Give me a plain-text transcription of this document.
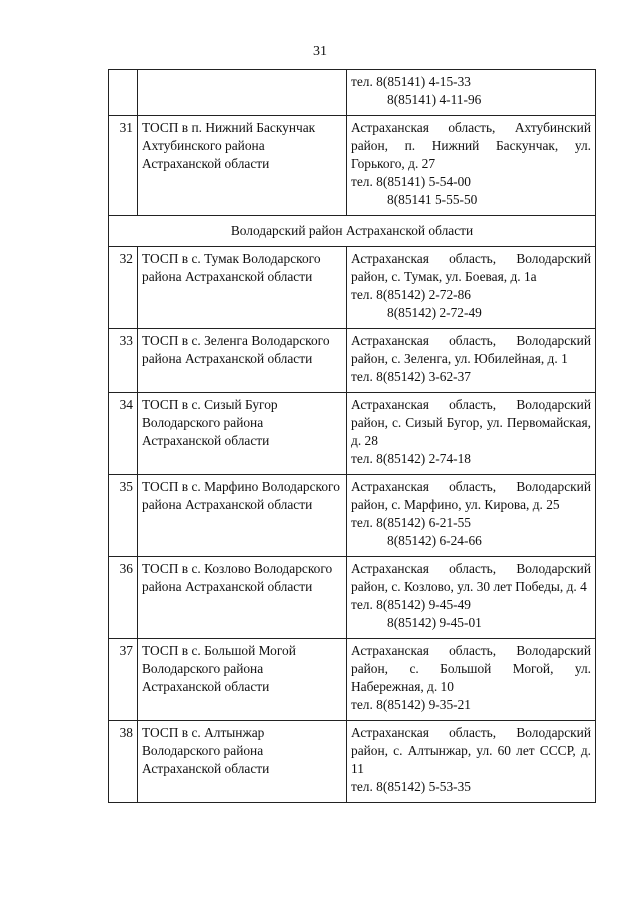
31

		тел. 8(85141) 4-15-33
8(85141) 4-11-96

31	ТОСП в п. Нижний Баскунчак Ахтубинского района Астраханской области	Астраханская область, Ахтубинский район, п. Нижний Баскунчак, ул. Горького, д. 27
тел. 8(85141) 5-54-00
8(85141 5-55-50

Володарский район Астраханской области		
32	ТОСП в с. Тумак Володарского района Астраханской области	Астраханская область, Володарский район, с. Тумак, ул. Боевая, д. 1а
тел. 8(85142) 2-72-86
8(85142) 2-72-49

33	ТОСП в с. Зеленга Володарского района Астраханской области	Астраханская область, Володарский район, с. Зеленга, ул. Юбилейная, д. 1
тел. 8(85142) 3-62-37

34	ТОСП в с. Сизый Бугор Володарского района Астраханской области	Астраханская область, Володарский район, с. Сизый Бугор, ул. Первомайская, д. 28
тел. 8(85142) 2-74-18

35	ТОСП в с. Марфино Володарского района Астраханской области	Астраханская область, Володарский район, с. Марфино, ул. Кирова, д. 25
тел. 8(85142) 6-21-55
8(85142) 6-24-66

36	ТОСП в с. Козлово Володарского района Астраханской области	Астраханская область, Володарский район, с. Козлово, ул. 30 лет Победы, д. 4
тел. 8(85142) 9-45-49
8(85142) 9-45-01

37	ТОСП в с. Большой Могой Володарского района Астраханской области	Астраханская область, Володарский район, с. Большой Могой, ул. Набережная, д. 10
тел. 8(85142) 9-35-21

38	ТОСП в с. Алтынжар Володарского района Астраханской области	Астраханская область, Володарский район, с. Алтынжар, ул. 60 лет СССР, д. 11
тел. 8(85142) 5-53-35
